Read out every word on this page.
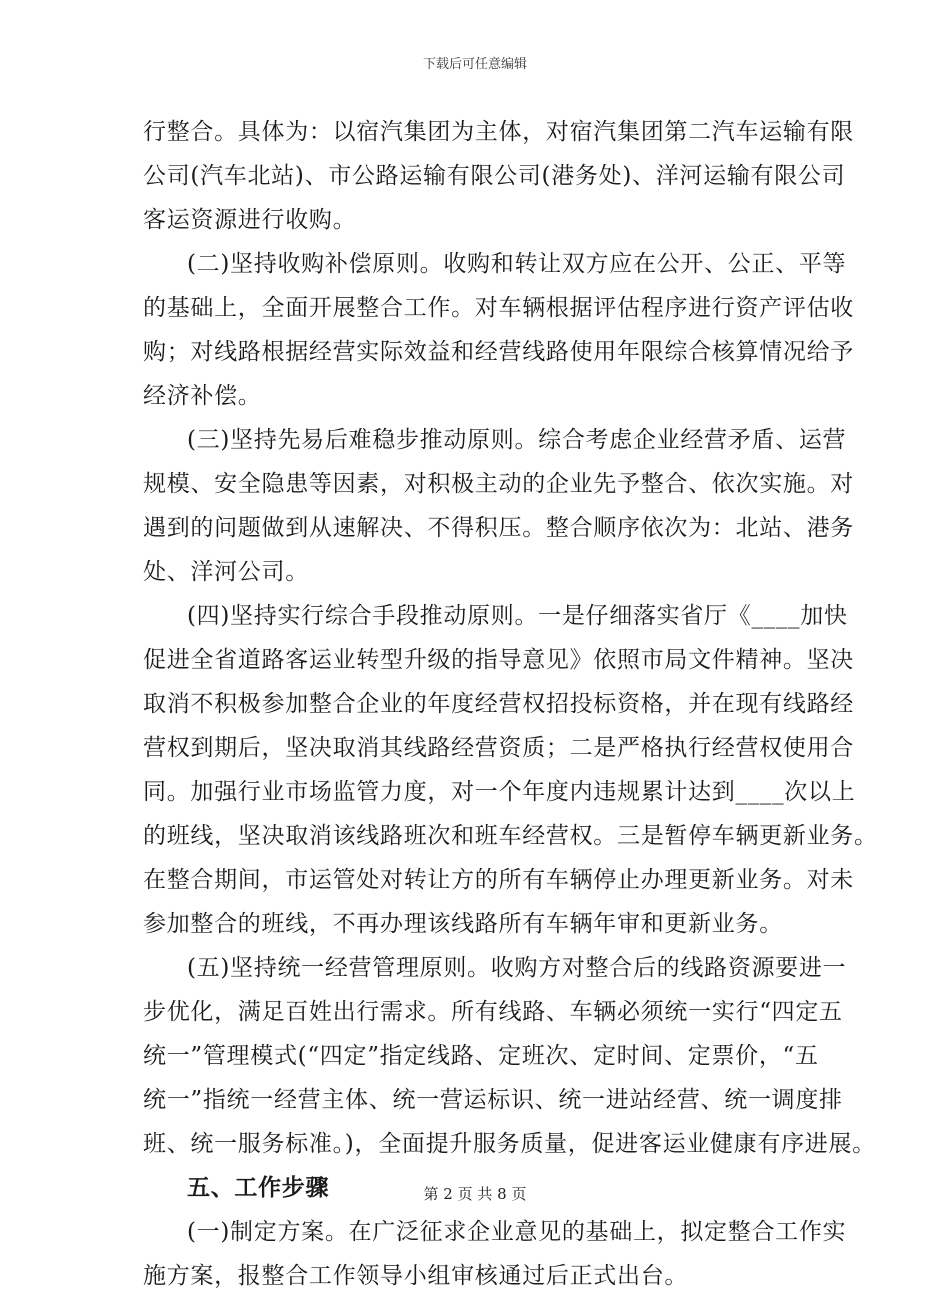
下载后可任意编辑
行整合。具体为：以宿汽集团为主体，对宿汽集团第二汽车运输有限
公司(汽车北站)、市公路运输有限公司(港务处)、洋河运输有限公司
客运资源进行收购。
(二)坚持收购补偿原则。收购和转让双方应在公开、公正、平等
的基础上，全面开展整合工作。对车辆根据评估程序进行资产评估收
购；对线路根据经营实际效益和经营线路使用年限综合核算情况给予
经济补偿。
(三)坚持先易后难稳步推动原则。综合考虑企业经营矛盾、运营
规模、安全隐患等因素，对积极主动的企业先予整合、依次实施。对
遇到的问题做到从速解决、不得积压。整合顺序依次为：北站、港务
处、洋河公司。
(四)坚持实行综合手段推动原则。一是仔细落实省厅《____加快
促进全省道路客运业转型升级的指导意见》依照市局文件精神。坚决
取消不积极参加整合企业的年度经营权招投标资格，并在现有线路经
营权到期后，坚决取消其线路经营资质；二是严格执行经营权使用合
同。加强行业市场监管力度，对一个年度内违规累计达到____次以上
的班线，坚决取消该线路班次和班车经营权。三是暂停车辆更新业务。
在整合期间，市运管处对转让方的所有车辆停止办理更新业务。对未
参加整合的班线，不再办理该线路所有车辆年审和更新业务。
(五)坚持统一经营管理原则。收购方对整合后的线路资源要进一
步优化，满足百姓出行需求。所有线路、车辆必须统一实行“四定五
统一”管理模式(“四定”指定线路、定班次、定时间、定票价，“五
统一”指统一经营主体、统一营运标识、统一进站经营、统一调度排
班、统一服务标准。)，全面提升服务质量，促进客运业健康有序进展。
五、工作步骤
(一)制定方案。在广泛征求企业意见的基础上，拟定整合工作实
施方案，报整合工作领导小组审核通过后正式出台。
第 2 页 共 8 页
